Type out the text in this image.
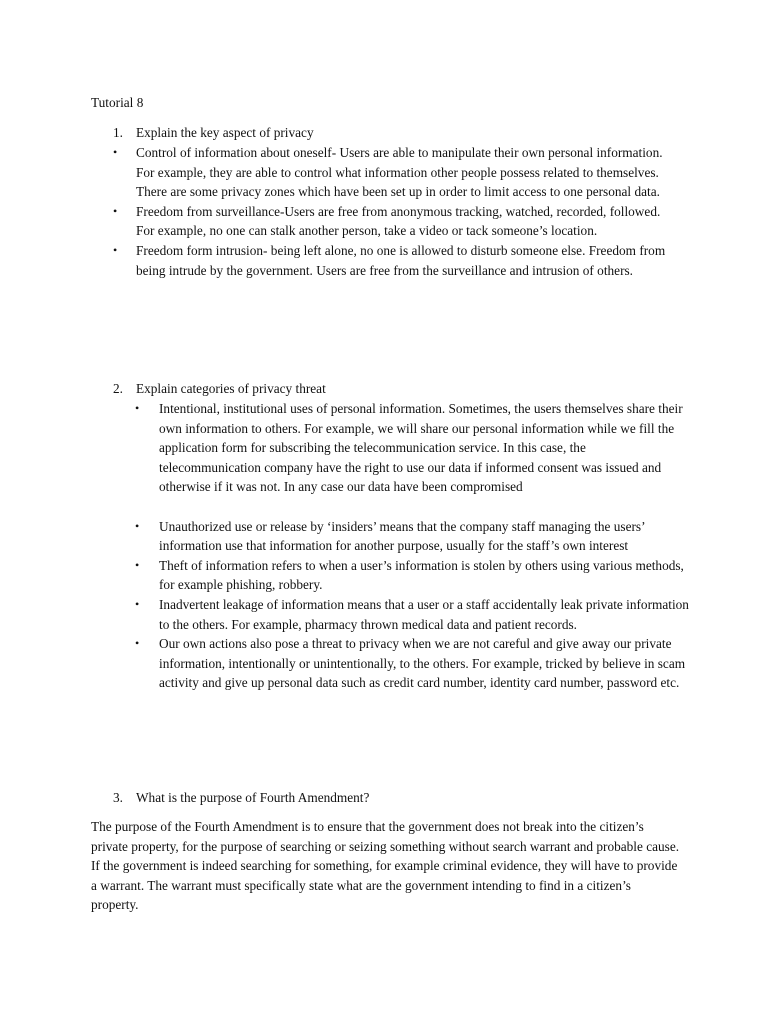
Tutorial 8

1. Explain the key aspect of privacy

• Control of information about oneself- Users are able to manipulate their own personal information. For example, they are able to control what information other people possess related to themselves. There are some privacy zones which have been set up in order to limit access to one personal data.
• Freedom from surveillance-Users are free from anonymous tracking, watched, recorded, followed. For example, no one can stalk another person, take a video or tack someone’s location.
• Freedom form intrusion- being left alone, no one is allowed to disturb someone else. Freedom from being intrude by the government. Users are free from the surveillance and intrusion of others.

2. Explain categories of privacy threat

• Intentional, institutional uses of personal information. Sometimes, the users themselves share their own information to others. For example, we will share our personal information while we fill the application form for subscribing the telecommunication service. In this case, the telecommunication company have the right to use our data if informed consent was issued and otherwise if it was not. In any case our data have been compromised
• Unauthorized use or release by ‘insiders’ means that the company staff managing the users’ information use that information for another purpose, usually for the staff’s own interest
• Theft of information refers to when a user’s information is stolen by others using various methods, for example phishing, robbery.
• Inadvertent leakage of information means that a user or a staff accidentally leak private information to the others. For example, pharmacy thrown medical data and patient records.
• Our own actions also pose a threat to privacy when we are not careful and give away our private information, intentionally or unintentionally, to the others. For example, tricked by believe in scam activity and give up personal data such as credit card number, identity card number, password etc.

3. What is the purpose of Fourth Amendment?

The purpose of the Fourth Amendment is to ensure that the government does not break into the citizen’s private property, for the purpose of searching or seizing something without search warrant and probable cause. If the government is indeed searching for something, for example criminal evidence, they will have to provide a warrant. The warrant must specifically state what are the government intending to find in a citizen’s property.
